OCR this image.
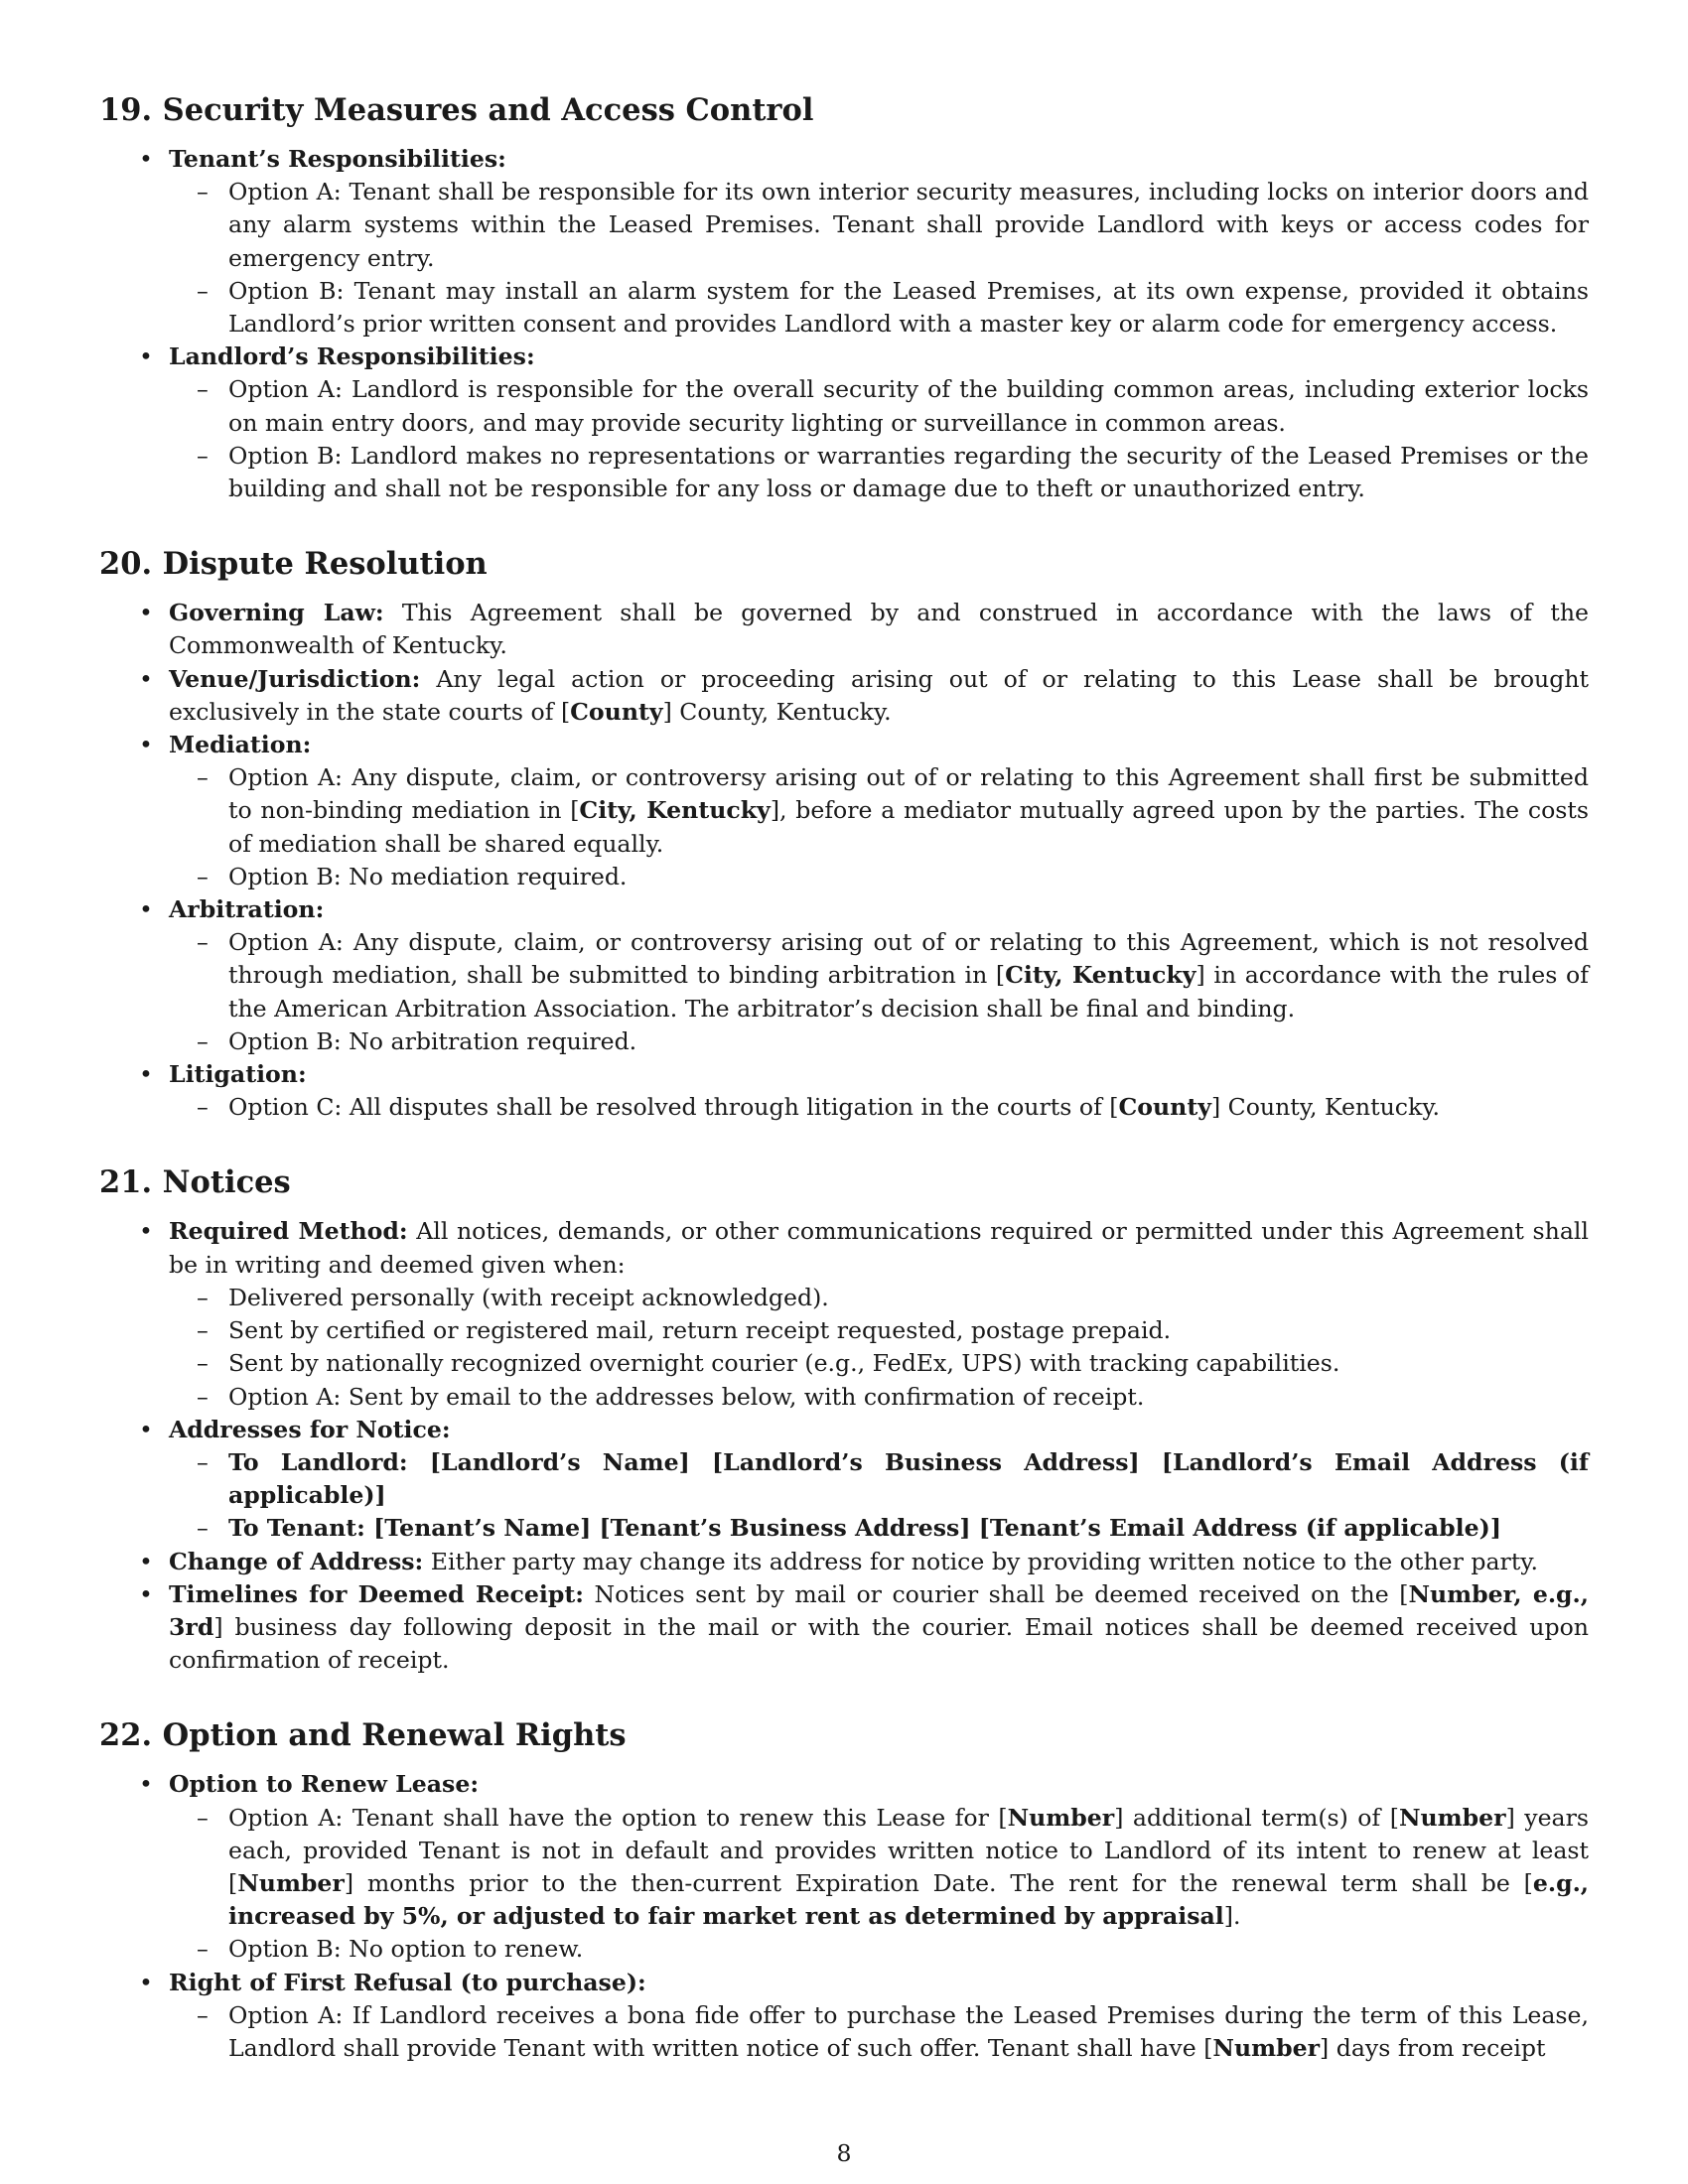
19. Security Measures and Access Control
• Tenant’s Responsibilities:
– Option A: Tenant shall be responsible for its own interior security measures, including locks on interior doors and any alarm systems within the Leased Premises. Tenant shall provide Landlord with keys or access codes for emergency entry.
– Option B: Tenant may install an alarm system for the Leased Premises, at its own expense, provided it obtains Landlord’s prior written consent and provides Landlord with a master key or alarm code for emergency access.
• Landlord’s Responsibilities:
– Option A: Landlord is responsible for the overall security of the building common areas, including exterior locks on main entry doors, and may provide security lighting or surveillance in common areas.
– Option B: Landlord makes no representations or warranties regarding the security of the Leased Premises or the building and shall not be responsible for any loss or damage due to theft or unauthorized entry.
20. Dispute Resolution
• Governing Law: This Agreement shall be governed by and construed in accordance with the laws of the Commonwealth of Kentucky.
• Venue/Jurisdiction: Any legal action or proceeding arising out of or relating to this Lease shall be brought exclusively in the state courts of [County] County, Kentucky.
• Mediation:
– Option A: Any dispute, claim, or controversy arising out of or relating to this Agreement shall first be submitted to non-binding mediation in [City, Kentucky], before a mediator mutually agreed upon by the parties. The costs of mediation shall be shared equally.
– Option B: No mediation required.
• Arbitration:
– Option A: Any dispute, claim, or controversy arising out of or relating to this Agreement, which is not resolved through mediation, shall be submitted to binding arbitration in [City, Kentucky] in accordance with the rules of the American Arbitration Association. The arbitrator’s decision shall be final and binding.
– Option B: No arbitration required.
• Litigation:
– Option C: All disputes shall be resolved through litigation in the courts of [County] County, Kentucky.
21. Notices
• Required Method: All notices, demands, or other communications required or permitted under this Agreement shall be in writing and deemed given when:
– Delivered personally (with receipt acknowledged).
– Sent by certified or registered mail, return receipt requested, postage prepaid.
– Sent by nationally recognized overnight courier (e.g., FedEx, UPS) with tracking capabilities.
– Option A: Sent by email to the addresses below, with confirmation of receipt.
• Addresses for Notice:
– To Landlord: [Landlord’s Name] [Landlord’s Business Address] [Landlord’s Email Address (if applicable)]
– To Tenant: [Tenant’s Name] [Tenant’s Business Address] [Tenant’s Email Address (if applicable)]
• Change of Address: Either party may change its address for notice by providing written notice to the other party.
• Timelines for Deemed Receipt: Notices sent by mail or courier shall be deemed received on the [Number, e.g., 3rd] business day following deposit in the mail or with the courier. Email notices shall be deemed received upon confirmation of receipt.
22. Option and Renewal Rights
• Option to Renew Lease:
– Option A: Tenant shall have the option to renew this Lease for [Number] additional term(s) of [Number] years each, provided Tenant is not in default and provides written notice to Landlord of its intent to renew at least [Number] months prior to the then-current Expiration Date. The rent for the renewal term shall be [e.g., increased by 5%, or adjusted to fair market rent as determined by appraisal].
– Option B: No option to renew.
• Right of First Refusal (to purchase):
– Option A: If Landlord receives a bona fide offer to purchase the Leased Premises during the term of this Lease, Landlord shall provide Tenant with written notice of such offer. Tenant shall have [Number] days from receipt
8
